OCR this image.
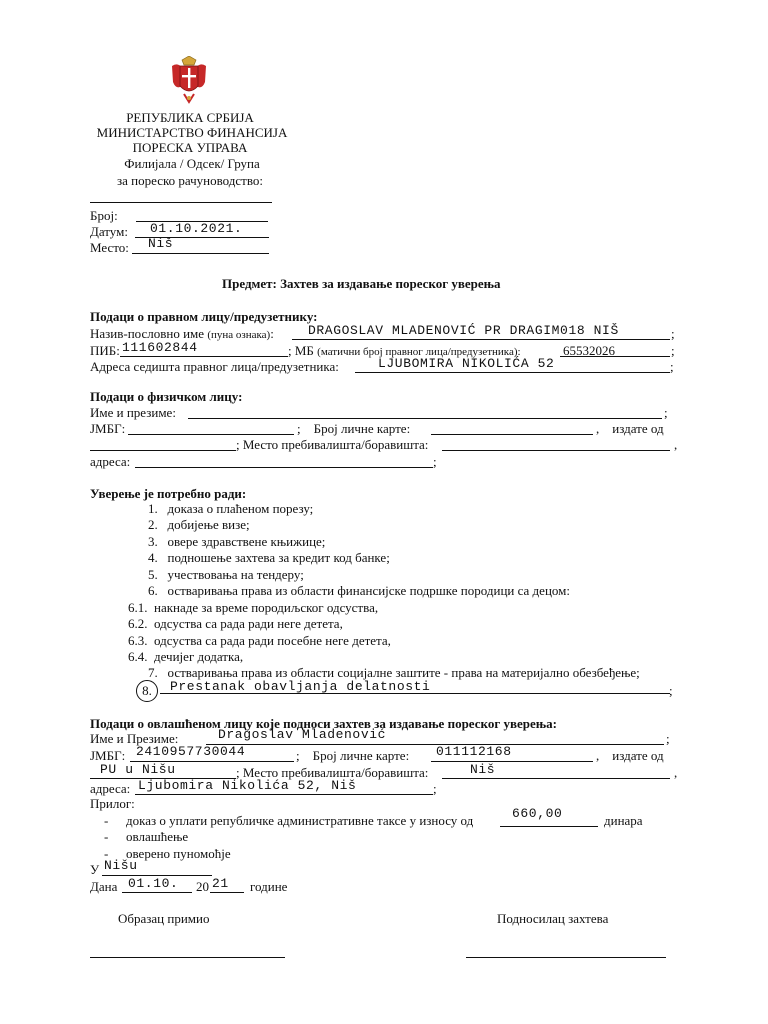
РЕПУБЛИКА СРБИЈА
МИНИСТАРСТВО ФИНАНСИЈА
ПОРЕСКА УПРАВА
Филијала / Одсек/ Група
за пореско рачуноводство:
Број:
Датум: 01.10.2021.
Место: Niš
Предмет: Захтев за издавање пореског уверења
Подаци о правном лицу/предузетнику:
Назив-пословно име (пуна ознака):	DRAGOSLAV MLADENOVIĆ PR DRAGIM018 NIŠ	;
ПИБ: 111602844	; МБ (матични број правног лица/предузетника):	65532026	;
Адреса седишта правног лица/предузетника:	LJUBOMIRA NIKOLIĆA 52	;
Подаци о физичком лицу:
Име и презиме:	;
ЈМБГ:	;    Број личне карте:	,    издате од
; Место пребивалишта/боравишта:	,
адреса:	;
Уверење је потребно ради:
1. доказа о плаћеном порезу;
2. добијење визе;
3. овере здравствене књижице;
4. подношење захтева за кредит код банке;
5. учествовања на тендеру;
6. остваривања права из области финансијске подршке породици са децом:
6.1. накнаде за време породиљског одсуства,
6.2. одсуства са рада ради неге детета,
6.3. одсуства са рада ради посебне неге детета,
6.4. дечијег додатка,
7. остваривања права из области социјалне заштите - права на материјално обезбеђење;
8.	Prestanak obavljanja delatnosti	;
Подаци о овлашћеном лицу које подноси захтев за издавање пореског уверења:
Име и Презиме:	Dragoslav Mladenović	;
ЈМБГ: 2410957730044	;    Број личне карте: 011112168	,    издате од
PU u Nišu	; Место пребивалишта/боравишта:	Niš	,
адреса: Ljubomira Nikolića 52, Niš	;
Прилог:
- доказ о уплати републичке административне таксе у износу од	660,00	динара
- овлашћење
- оверено пуномоћје
У Nišu
Дана 01.10. 20 21 године
Образац примио	Подносилац захтева
